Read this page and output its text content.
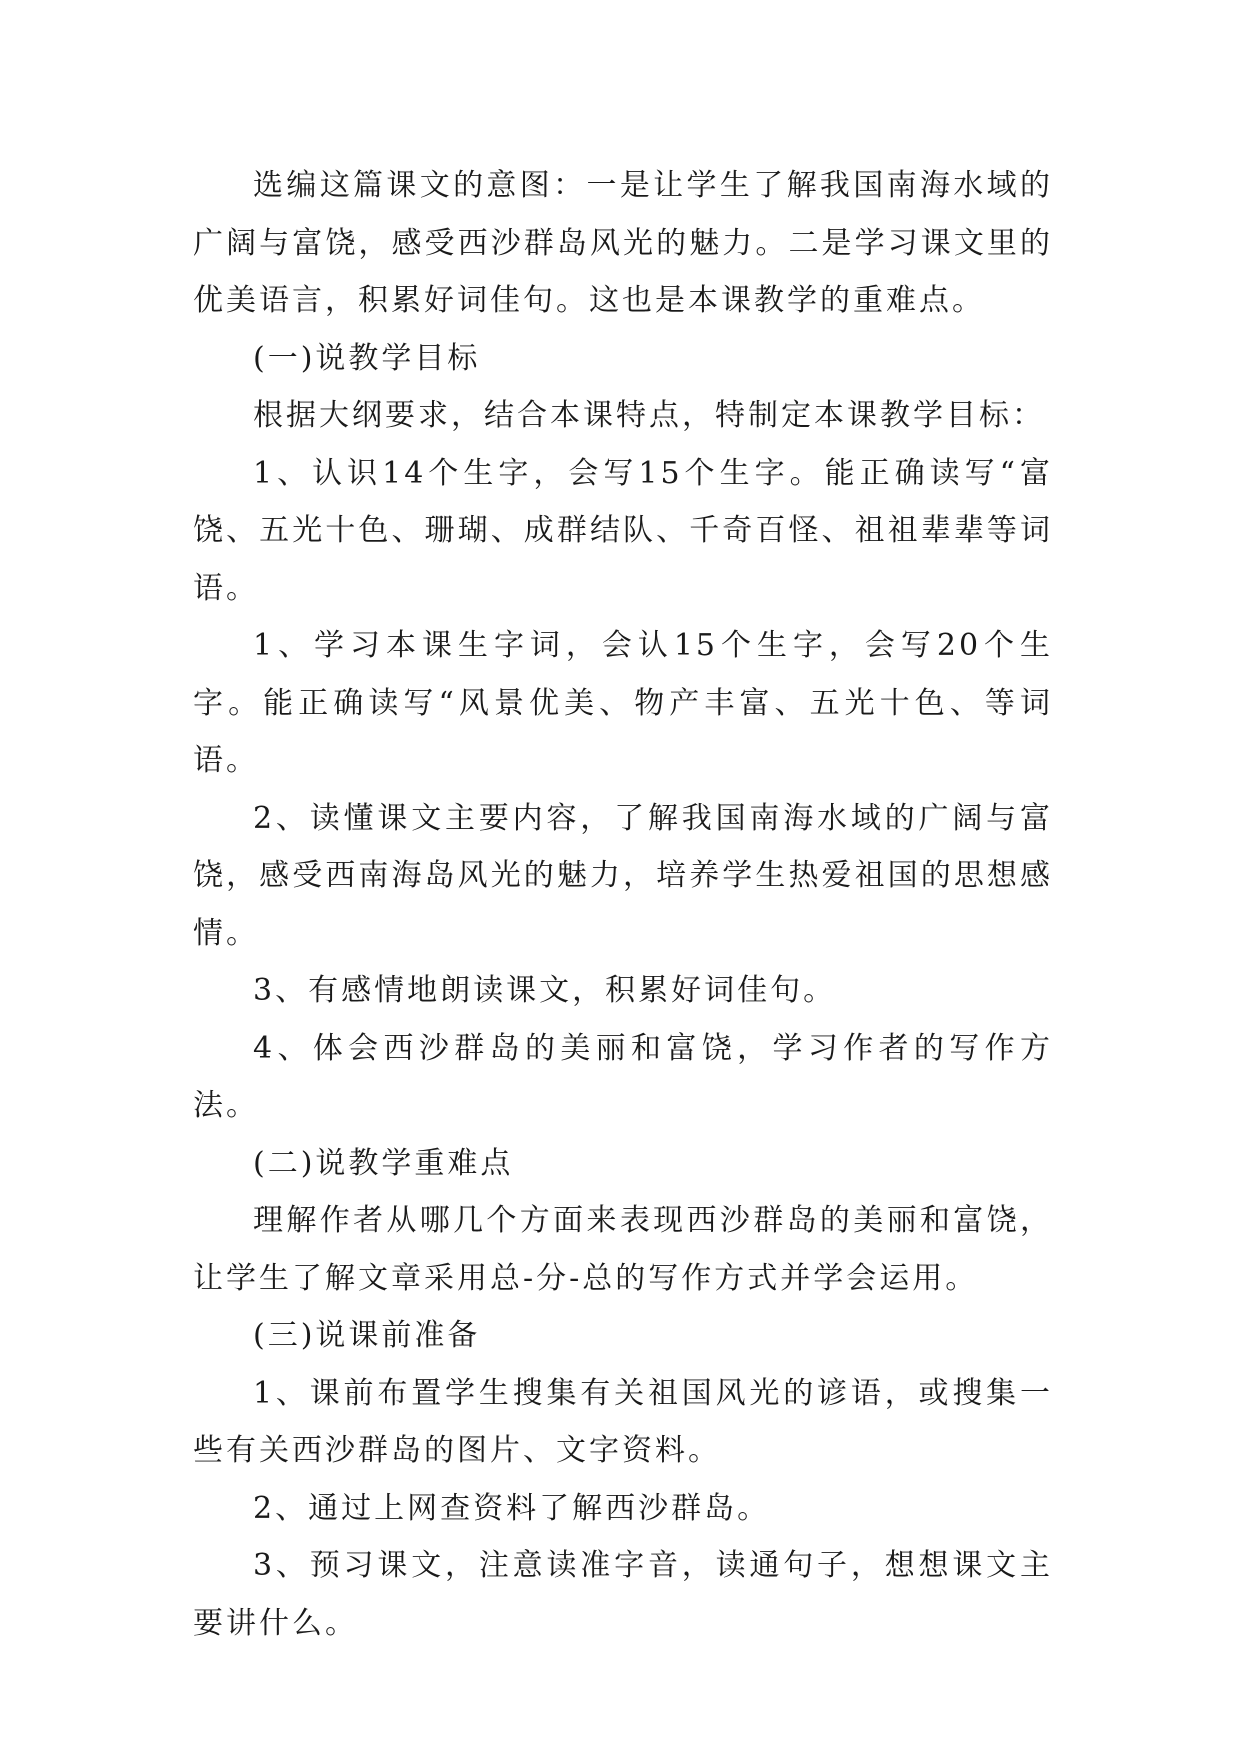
选编这篇课文的意图：一是让学生了解我国南海水域的广阔与富饶，感受西沙群岛风光的魅力。二是学习课文里的优美语言，积累好词佳句。这也是本课教学的重难点。

(一)说教学目标

根据大纲要求，结合本课特点，特制定本课教学目标：

1、认识14个生字，会写15个生字。能正确读写“富饶、五光十色、珊瑚、成群结队、千奇百怪、祖祖辈辈等词语。

1、学习本课生字词，会认15个生字，会写20个生字。能正确读写“风景优美、物产丰富、五光十色、等词语。

2、读懂课文主要内容，了解我国南海水域的广阔与富饶，感受西南海岛风光的魅力，培养学生热爱祖国的思想感情。

3、有感情地朗读课文，积累好词佳句。

4、体会西沙群岛的美丽和富饶，学习作者的写作方法。

(二)说教学重难点

理解作者从哪几个方面来表现西沙群岛的美丽和富饶，让学生了解文章采用总-分-总的写作方式并学会运用。

(三)说课前准备

1、课前布置学生搜集有关祖国风光的谚语，或搜集一些有关西沙群岛的图片、文字资料。

2、通过上网查资料了解西沙群岛。

3、预习课文，注意读准字音，读通句子，想想课文主要讲什么。
